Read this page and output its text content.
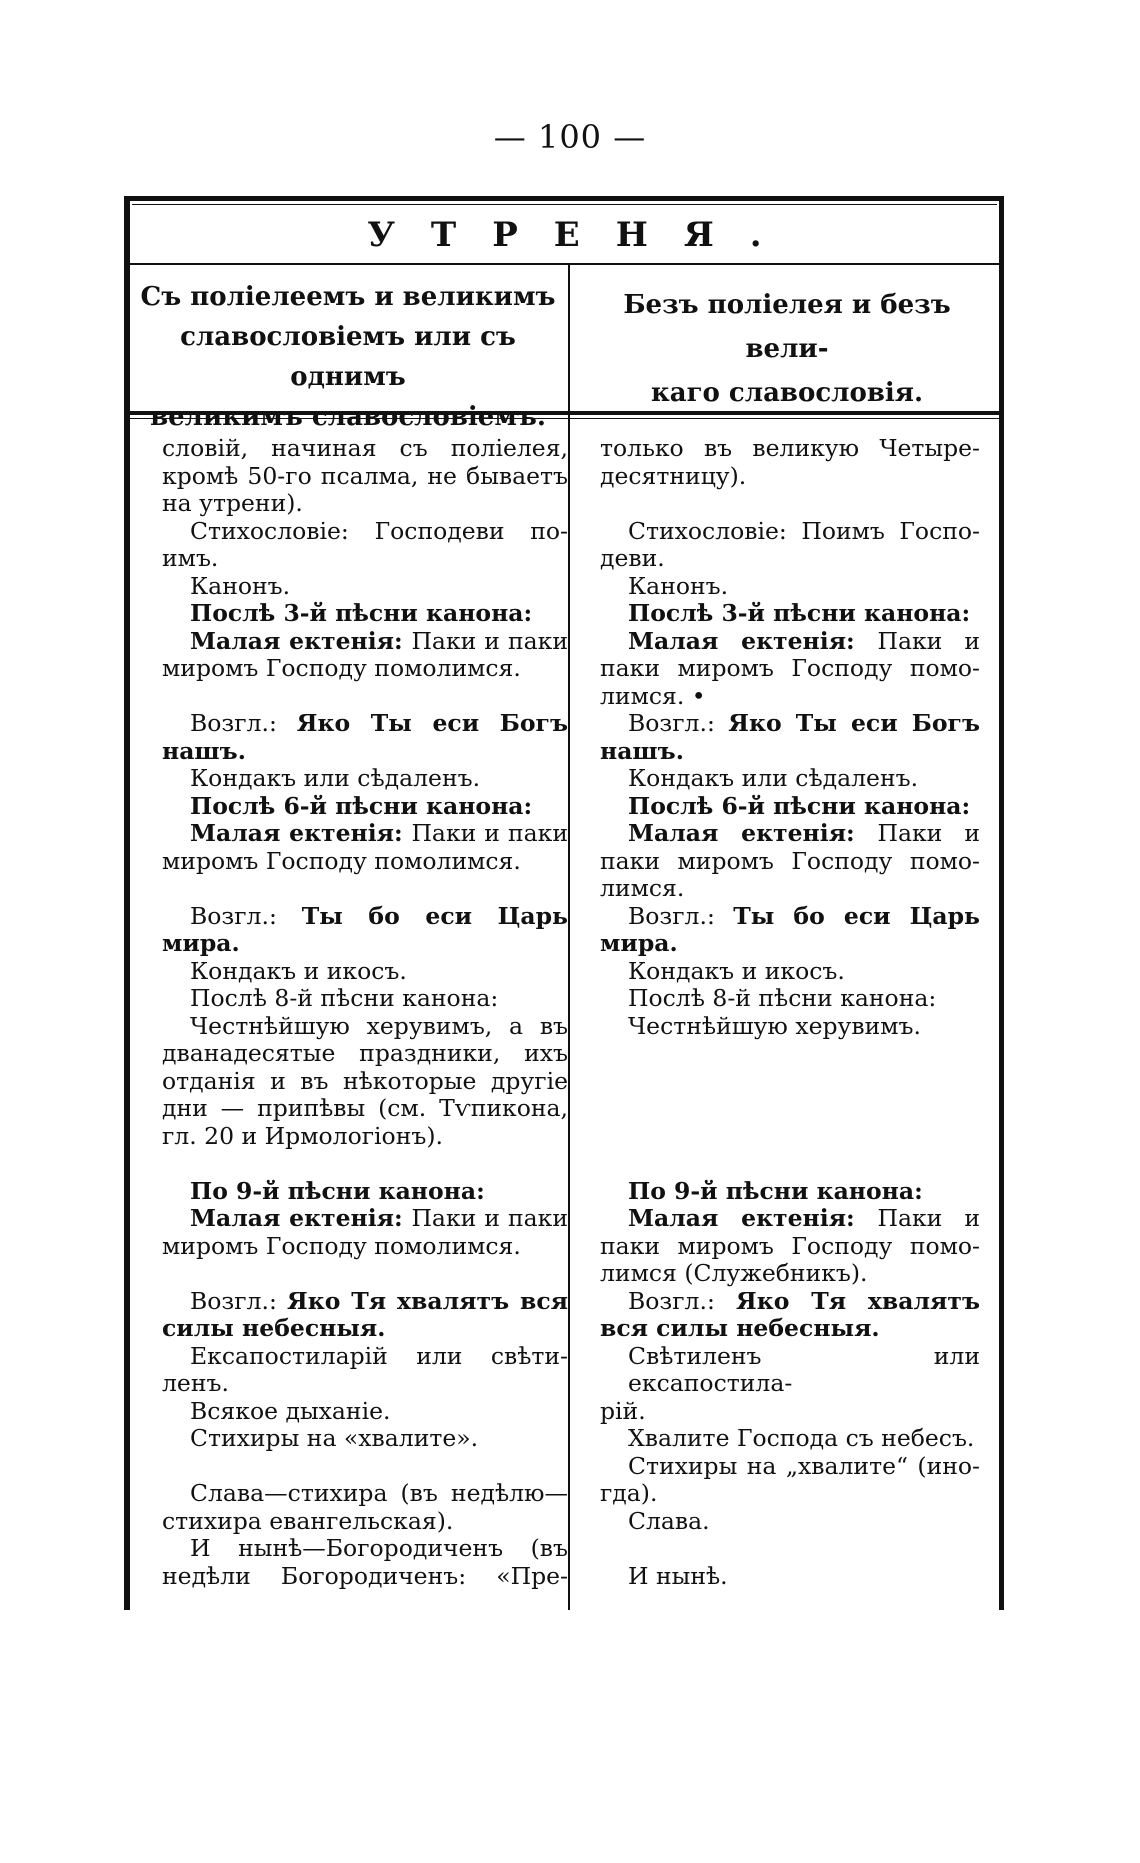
— 100 —
УТРЕНЯ.
Съ поліелеемъ и великимъ
славословіемъ или съ однимъ
великимъ славословіемъ.
Безъ поліелея и безъ вели-
каго славословія.
словій, начиная съ поліелея,
кромѣ 50-го псалма, не бываетъ
на утрени).
Стихословіе: Господеви по-
имъ.
Канонъ.
Послѣ 3-й пѣсни канона:
Малая ектенія: Паки и паки
миромъ Господу помолимся.
Возгл.: Яко Ты еси Богъ
нашъ.
Кондакъ или сѣдаленъ.
Послѣ 6-й пѣсни канона:
Малая ектенія: Паки и паки
миромъ Господу помолимся.
Возгл.: Ты бо еси Царь
мира.
Кондакъ и икосъ.
Послѣ 8-й пѣсни канона:
Честнѣйшую херувимъ, а въ
дванадесятые праздники, ихъ
отданія и въ нѣкоторые другіе
дни — припѣвы (см. Тѵпикона,
гл. 20 и Ирмологіонъ).
По 9-й пѣсни канона:
Малая ектенія: Паки и паки
миромъ Господу помолимся.
Возгл.: Яко Тя хвалятъ вся
силы небесныя.
Ексапостиларій или свѣти-
ленъ.
Всякое дыханіе.
Стихиры на «хвалите».
Слава—стихира (въ недѣлю—
стихира евангельская).
И нынѣ—Богородиченъ (въ
недѣли Богородиченъ: «Пре-
только въ великую Четыре-
десятницу).
Стихословіе: Поимъ Госпо-
деви.
Канонъ.
Послѣ 3-й пѣсни канона:
Малая ектенія: Паки и
паки миромъ Господу помо-
лимся. •
Возгл.: Яко Ты еси Богъ
нашъ.
Кондакъ или сѣдаленъ.
Послѣ 6-й пѣсни канона:
Малая ектенія: Паки и
паки миромъ Господу помо-
лимся.
Возгл.: Ты бо еси Царь
мира.
Кондакъ и икосъ.
Послѣ 8-й пѣсни канона:
Честнѣйшую херувимъ.
По 9-й пѣсни канона:
Малая ектенія: Паки и
паки миромъ Господу помо-
лимся (Служебникъ).
Возгл.: Яко Тя хвалятъ
вся силы небесныя.
Свѣтиленъ или ексапостила-
рій.
Хвалите Господа съ небесъ.
Стихиры на „хвалите“ (ино-
гда).
Слава.
И нынѣ.
